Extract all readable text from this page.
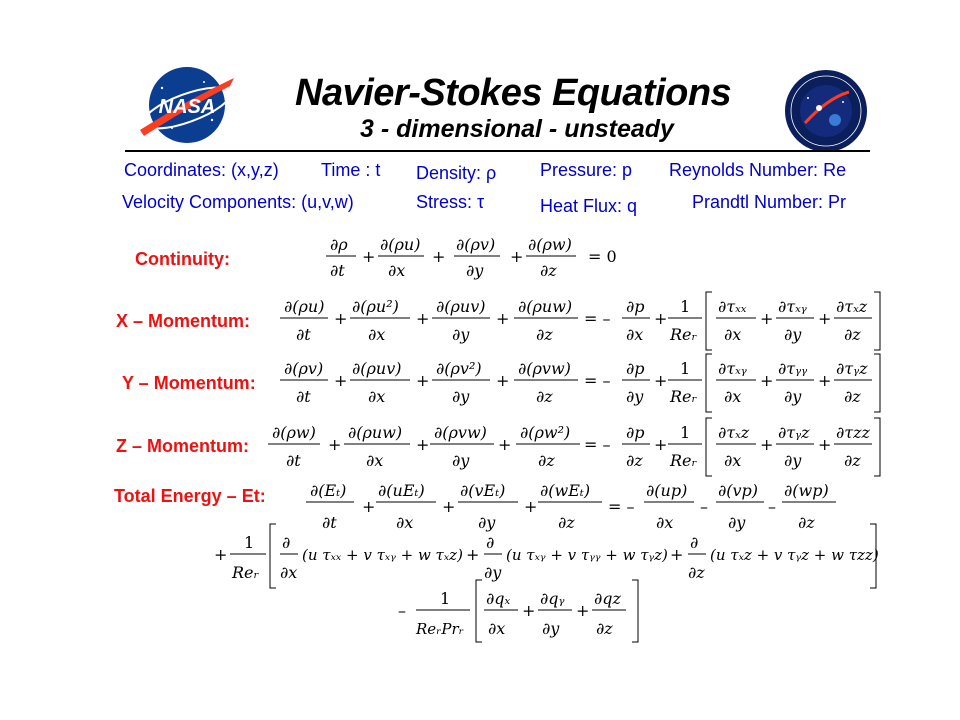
NASA Navier-Stokes Equations
3 - dimensional - unsteady
Coordinates: (x,y,z) Time : t Density: ρ Pressure: p Reynolds Number: Re
Velocity Components: (u,v,w)	Stress: τ	Heat Flux: q	Prandtl Number: Pr
Continuity:
X – Momentum:
Y – Momentum:
Z – Momentum:
Total Energy – Et:
∂ρ
∂t
+
∂(ρu)
∂x
+
∂(ρv)
∂y
+
∂(ρw)
∂z
= 0
∂(ρu)
∂t
+
∂(ρu²)
∂x
+
∂(ρuv)
∂y
+
∂(ρuw)
∂z
= –
∂p
∂x
+
1
Reᵣ
∂τₓₓ
∂x
+
∂τₓᵧ
∂y
+
∂τₓz
∂z
∂(ρv)
∂t
+
∂(ρuv)
∂x
+
∂(ρv²)
∂y
+
∂(ρvw)
∂z
= –
∂p
∂y
+
1
Reᵣ
∂τₓᵧ
∂x
+
∂τᵧᵧ
∂y
+
∂τᵧz
∂z
∂(ρw)
∂t
+
∂(ρuw)
∂x
+
∂(ρvw)
∂y
+
∂(ρw²)
∂z
= –
∂p
∂z
+
1
Reᵣ
∂τₓz
∂x
+
∂τᵧz
∂y
+
∂τzz
∂z
∂(Eₜ)
∂t
+
∂(uEₜ)
∂x
+
∂(vEₜ)
∂y
+
∂(wEₜ)
∂z
= –
∂(up)
∂x
–
∂(vp)
∂y
–
∂(wp)
∂z
+
1
Reᵣ
∂
∂x
(u τₓₓ + v τₓᵧ + w τₓz) +
∂
∂y
(u τₓᵧ + v τᵧᵧ + w τᵧz) +
∂
∂z
(u τₓz + v τᵧz + w τzz)
–
1
ReᵣPrᵣ
∂qₓ
∂x
+
∂qᵧ
∂y
+
∂qz
∂z
